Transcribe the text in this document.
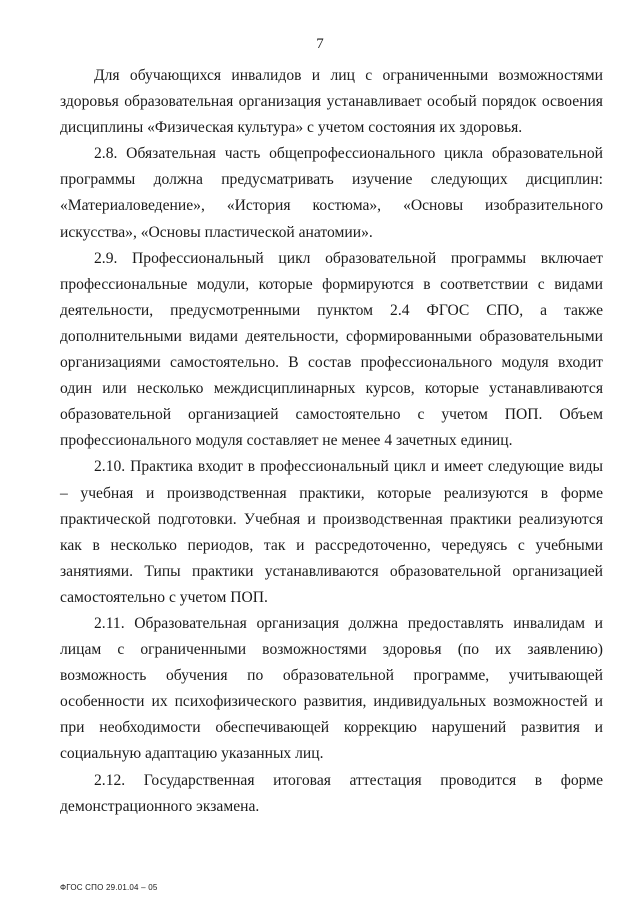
7

Для обучающихся инвалидов и лиц с ограниченными возможностями здоровья образовательная организация устанавливает особый порядок освоения дисциплины «Физическая культура» с учетом состояния их здоровья.

2.8. Обязательная часть общепрофессионального цикла образовательной программы должна предусматривать изучение следующих дисциплин: «Материаловедение», «История костюма», «Основы изобразительного искусства», «Основы пластической анатомии».

2.9. Профессиональный цикл образовательной программы включает профессиональные модули, которые формируются в соответствии с видами деятельности, предусмотренными пунктом 2.4 ФГОС СПО, а также дополнительными видами деятельности, сформированными образовательными организациями самостоятельно. В состав профессионального модуля входит один или несколько междисциплинарных курсов, которые устанавливаются образовательной организацией самостоятельно с учетом ПОП. Объем профессионального модуля составляет не менее 4 зачетных единиц.

2.10. Практика входит в профессиональный цикл и имеет следующие виды – учебная и производственная практики, которые реализуются в форме практической подготовки. Учебная и производственная практики реализуются как в несколько периодов, так и рассредоточенно, чередуясь с учебными занятиями. Типы практики устанавливаются образовательной организацией самостоятельно с учетом ПОП.

2.11. Образовательная организация должна предоставлять инвалидам и лицам с ограниченными возможностями здоровья (по их заявлению) возможность обучения по образовательной программе, учитывающей особенности их психофизического развития, индивидуальных возможностей и при необходимости обеспечивающей коррекцию нарушений развития и социальную адаптацию указанных лиц.

2.12. Государственная итоговая аттестация проводится в форме демонстрационного экзамена.

ФГОС СПО 29.01.04 – 05
